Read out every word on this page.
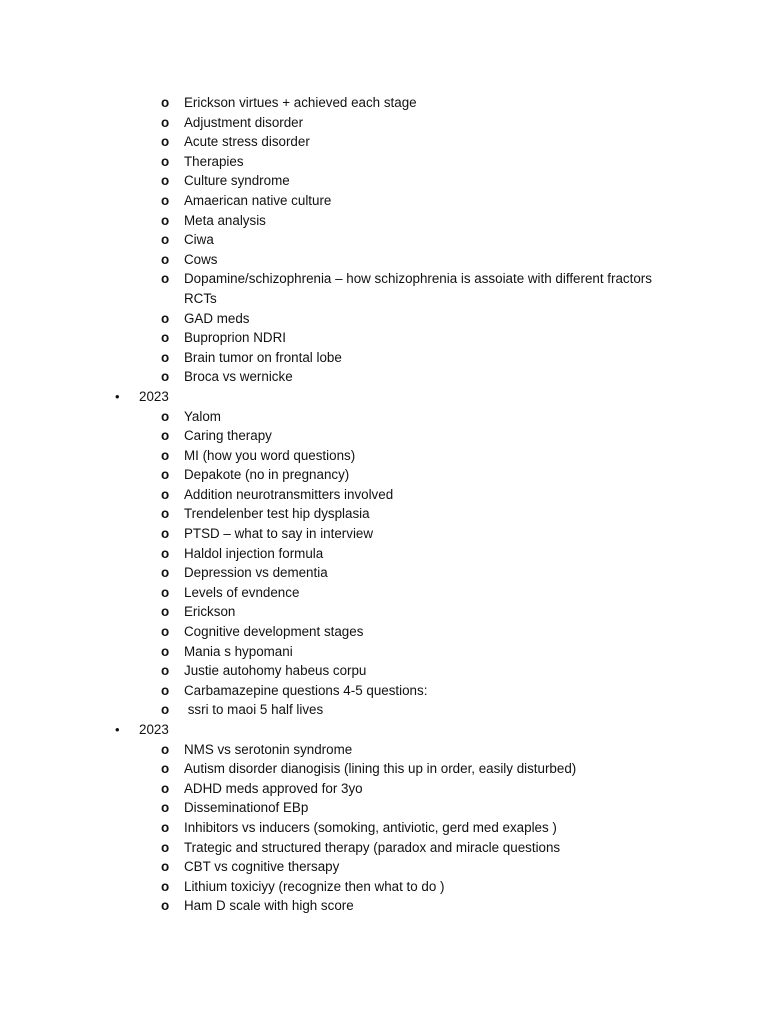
o Erickson virtues + achieved each stage
o Adjustment disorder
o Acute stress disorder
o Therapies
o Culture syndrome
o Amaerican native culture
o Meta analysis
o Ciwa
o Cows
o Dopamine/schizophrenia – how schizophrenia is assoiate with different fractors RCTs
o GAD meds
o Buproprion NDRI
o Brain tumor on frontal lobe
o Broca vs wernicke
• 2023
o Yalom
o Caring therapy
o MI (how you word questions)
o Depakote (no in pregnancy)
o Addition neurotransmitters involved
o Trendelenber test hip dysplasia
o PTSD – what to say in interview
o Haldol injection formula
o Depression vs dementia
o Levels of evndence
o Erickson
o Cognitive development stages
o Mania s hypomani
o Justie autohomy habeus corpu
o Carbamazepine questions 4-5 questions:
o ssri to maoi 5 half lives
• 2023
o NMS vs serotonin syndrome
o Autism disorder dianogisis (lining this up in order, easily disturbed)
o ADHD meds approved for 3yo
o Disseminationof EBp
o Inhibitors vs inducers (somoking, antiviotic, gerd med exaples )
o Trategic and structured therapy (paradox and miracle questions
o CBT vs cognitive thersapy
o Lithium toxiciyy (recognize then what to do )
o Ham D scale with high score
